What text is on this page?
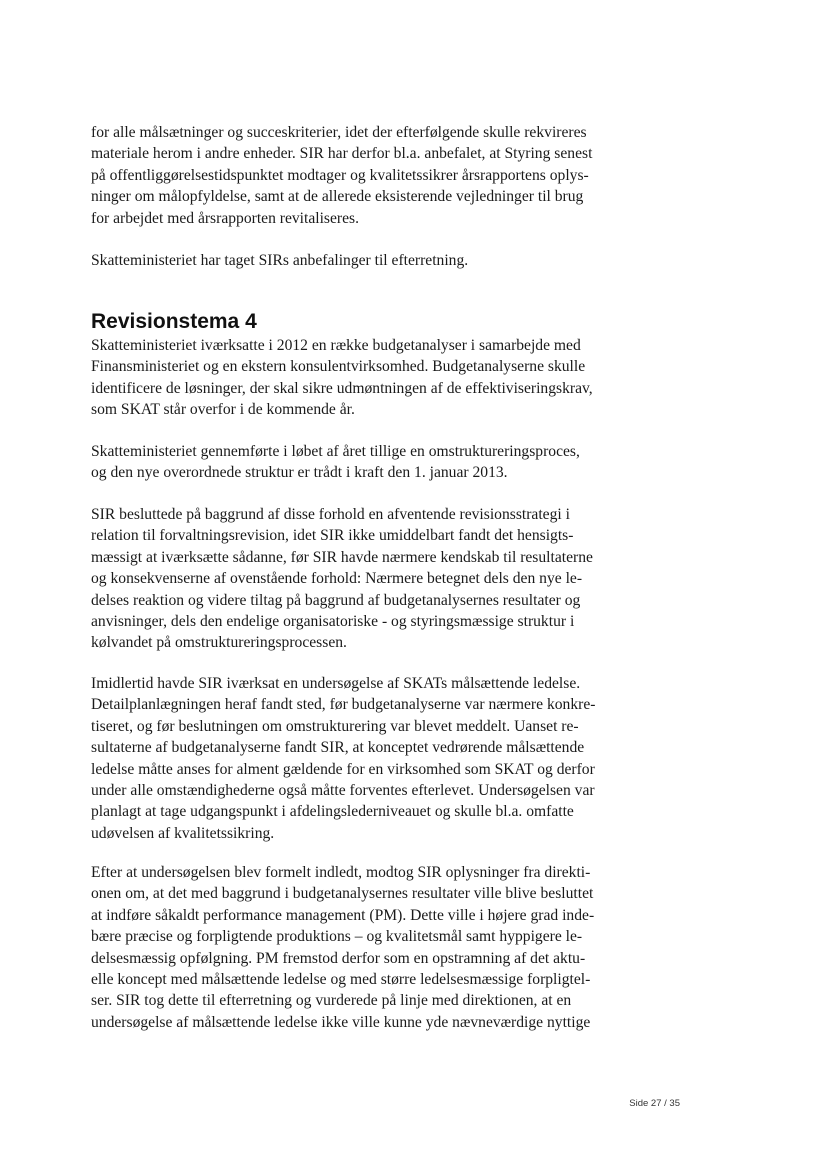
for alle målsætninger og succeskriterier, idet der efterfølgende skulle rekvireres
materiale herom i andre enheder. SIR har derfor bl.a. anbefalet, at Styring senest
på offentliggørelsestidspunktet modtager og kvalitetssikrer årsrapportens oplys-
ninger om målopfyldelse, samt at de allerede eksisterende vejledninger til brug
for arbejdet med årsrapporten revitaliseres.
Skatteministeriet har taget SIRs anbefalinger til efterretning.
Revisionstema 4
Skatteministeriet iværksatte i 2012 en række budgetanalyser i samarbejde med
Finansministeriet og en ekstern konsulentvirksomhed. Budgetanalyserne skulle
identificere de løsninger, der skal sikre udmøntningen af de effektiviseringskrav,
som SKAT står overfor i de kommende år.
Skatteministeriet gennemførte i løbet af året tillige en omstruktureringsproces,
og den nye overordnede struktur er trådt i kraft den 1. januar 2013.
SIR besluttede på baggrund af disse forhold en afventende revisionsstrategi i
relation til forvaltningsrevision, idet SIR ikke umiddelbart fandt det hensigts-
mæssigt at iværksætte sådanne, før SIR havde nærmere kendskab til resultaterne
og konsekvenserne af ovenstående forhold: Nærmere betegnet dels den nye le-
delses reaktion og videre tiltag på baggrund af budgetanalysernes resultater og
anvisninger, dels den endelige organisatoriske - og styringsmæssige struktur i
kølvandet på omstruktureringsprocessen.
Imidlertid havde SIR iværksat en undersøgelse af SKATs målsættende ledelse.
Detailplanlægningen heraf fandt sted, før budgetanalyserne var nærmere konkre-
tiseret, og før beslutningen om omstrukturering var blevet meddelt. Uanset re-
sultaterne af budgetanalyserne fandt SIR, at konceptet vedrørende målsættende
ledelse måtte anses for alment gældende for en virksomhed som SKAT og derfor
under alle omstændighederne også måtte forventes efterlevet. Undersøgelsen var
planlagt at tage udgangspunkt i afdelingslederniveauet og skulle bl.a. omfatte
udøvelsen af kvalitetssikring.
Efter at undersøgelsen blev formelt indledt, modtog SIR oplysninger fra direkti-
onen om, at det med baggrund i budgetanalysernes resultater ville blive besluttet
at indføre såkaldt performance management (PM). Dette ville i højere grad inde-
bære præcise og forpligtende produktions – og kvalitetsmål samt hyppigere le-
delsesmæssig opfølgning. PM fremstod derfor som en opstramning af det aktu-
elle koncept med målsættende ledelse og med større ledelsesmæssige forpligtel-
ser. SIR tog dette til efterretning og vurderede på linje med direktionen, at en
undersøgelse af målsættende ledelse ikke ville kunne yde nævneværdige nyttige
Side 27 / 35
